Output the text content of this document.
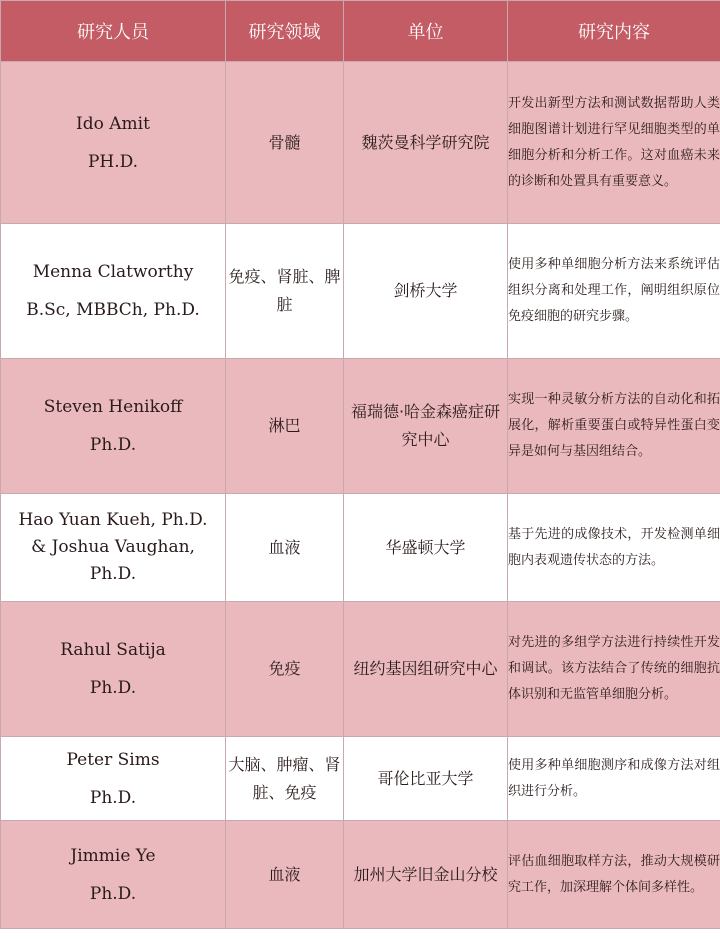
研究人员	研究领域	单位	研究内容

Ido Amit
PH.D.	骨髓	魏茨曼科学研究院	开发出新型方法和测试数据帮助人类细胞图谱计划进行罕见细胞类型的单细胞分析和分析工作。这对血癌未来的诊断和处置具有重要意义。

Menna Clatworthy
B.Sc, MBBCh, Ph.D.	免疫、肾脏、脾脏	剑桥大学	使用多种单细胞分析方法来系统评估组织分离和处理工作，阐明组织原位免疫细胞的研究步骤。

Steven Henikoff
Ph.D.	淋巴	福瑞德·哈金森癌症研究中心	实现一种灵敏分析方法的自动化和拓展化，解析重要蛋白或特异性蛋白变异是如何与基因组结合。

Hao Yuan Kueh, Ph.D.
& Joshua Vaughan,
Ph.D.	血液	华盛顿大学	基于先进的成像技术，开发检测单细胞内表观遗传状态的方法。

Rahul Satija
Ph.D.	免疫	纽约基因组研究中心	对先进的多组学方法进行持续性开发和调试。该方法结合了传统的细胞抗体识别和无监管单细胞分析。

Peter Sims
Ph.D.	大脑、肿瘤、肾脏、免疫	哥伦比亚大学	使用多种单细胞测序和成像方法对组织进行分析。

Jimmie Ye
Ph.D.	血液	加州大学旧金山分校	评估血细胞取样方法，推动大规模研究工作，加深理解个体间多样性。
